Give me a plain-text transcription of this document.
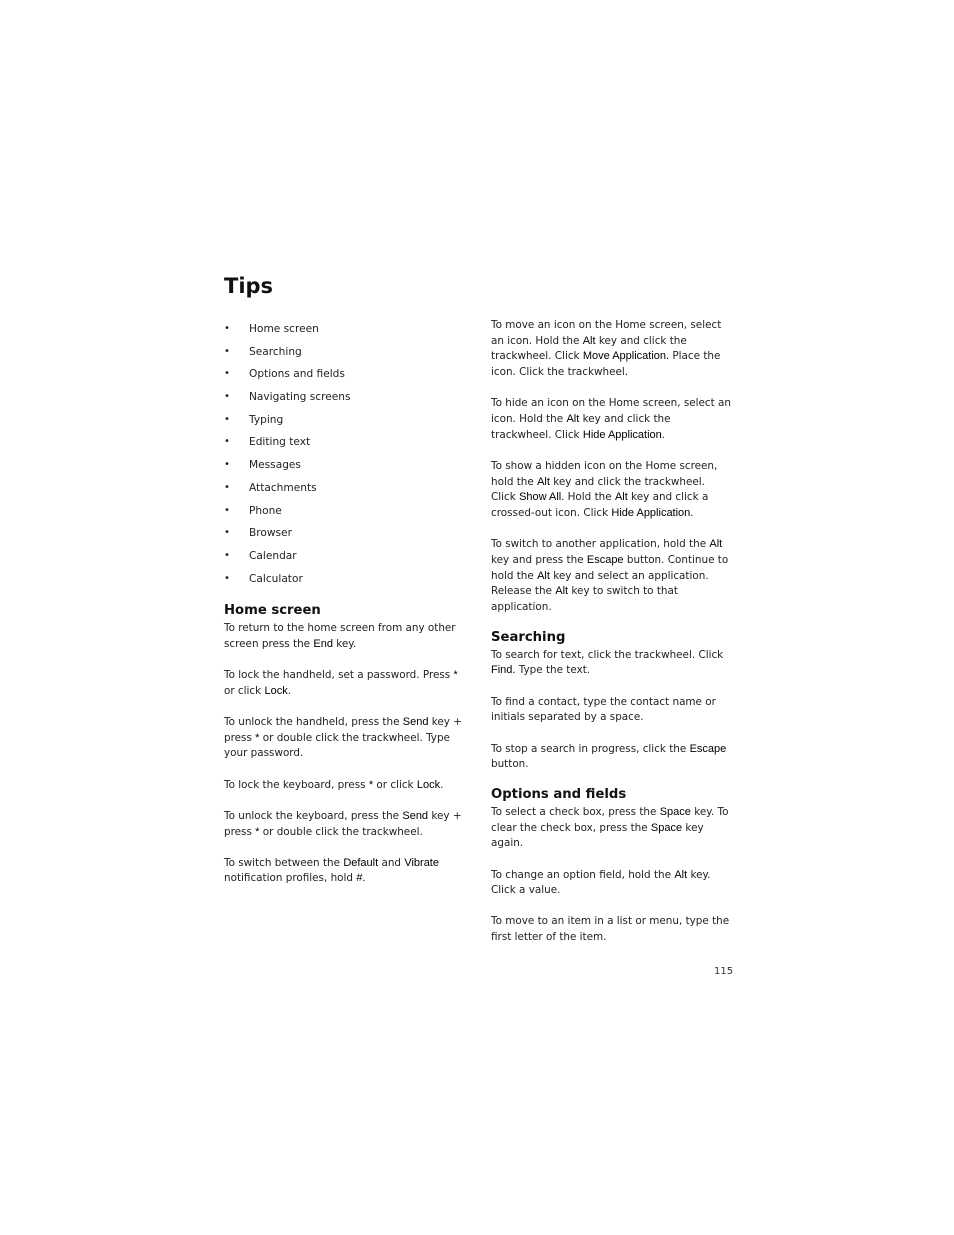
Tips
• Home screen
• Searching
• Options and fields
• Navigating screens
• Typing
• Editing text
• Messages
• Attachments
• Phone
• Browser
• Calendar
• Calculator
Home screen

To return to the home screen from any other screen press the End key.

To lock the handheld, set a password. Press * or click Lock.

To unlock the handheld, press the Send key + press * or double click the trackwheel. Type your password.

To lock the keyboard, press * or click Lock.

To unlock the keyboard, press the Send key + press * or double click the trackwheel.

To switch between the Default and Vibrate notification profiles, hold #.

To move an icon on the Home screen, select an icon. Hold the Alt key and click the trackwheel. Click Move Application. Place the icon. Click the trackwheel.

To hide an icon on the Home screen, select an icon. Hold the Alt key and click the trackwheel. Click Hide Application.

To show a hidden icon on the Home screen, hold the Alt key and click the trackwheel. Click Show All. Hold the Alt key and click a crossed-out icon. Click Hide Application.

To switch to another application, hold the Alt key and press the Escape button. Continue to hold the Alt key and select an application. Release the Alt key to switch to that application.

Searching

To search for text, click the trackwheel. Click Find. Type the text.

To find a contact, type the contact name or initials separated by a space.

To stop a search in progress, click the Escape button.

Options and fields

To select a check box, press the Space key. To clear the check box, press the Space key again.

To change an option field, hold the Alt key. Click a value.

To move to an item in a list or menu, type the first letter of the item.

115
